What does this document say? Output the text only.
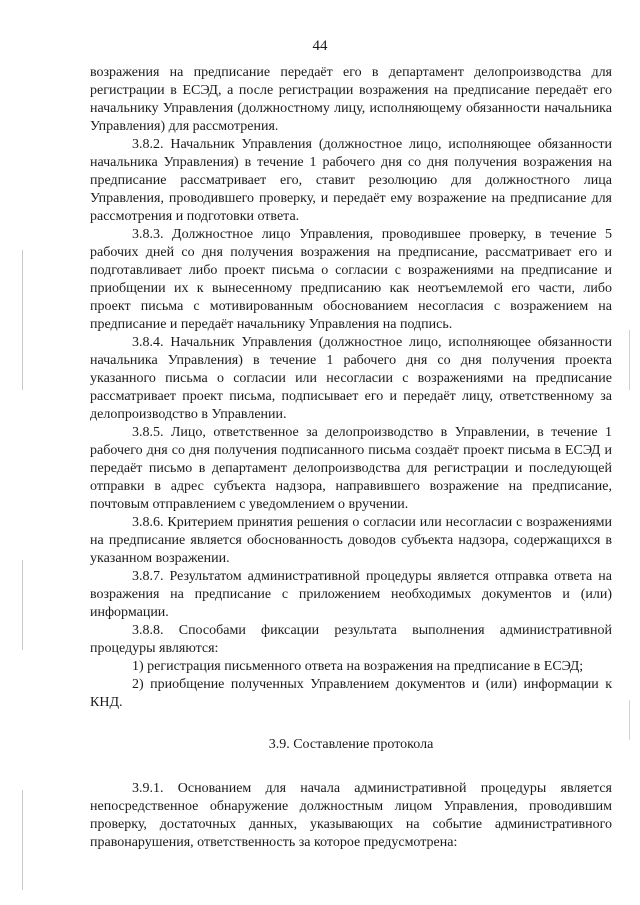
44

возражения на предписание передаёт его в департамент делопроизводства для регистрации в ЕСЭД, а после регистрации возражения на предписание передаёт его начальнику Управления (должностному лицу, исполняющему обязанности начальника Управления) для рассмотрения.

3.8.2. Начальник Управления (должностное лицо, исполняющее обязанности начальника Управления) в течение 1 рабочего дня со дня получения возражения на предписание рассматривает его, ставит резолюцию для должностного лица Управления, проводившего проверку, и передаёт ему возражение на предписание для рассмотрения и подготовки ответа.

3.8.3. Должностное лицо Управления, проводившее проверку, в течение 5 рабочих дней со дня получения возражения на предписание, рассматривает его и подготавливает либо проект письма о согласии с возражениями на предписание и приобщении их к вынесенному предписанию как неотъемлемой его части, либо проект письма с мотивированным обоснованием несогласия с возражением на предписание и передаёт начальнику Управления на подпись.

3.8.4. Начальник Управления (должностное лицо, исполняющее обязанности начальника Управления) в течение 1 рабочего дня со дня получения проекта указанного письма о согласии или несогласии с возражениями на предписание рассматривает проект письма, подписывает его и передаёт лицу, ответственному за делопроизводство в Управлении.

3.8.5. Лицо, ответственное за делопроизводство в Управлении, в течение 1 рабочего дня со дня получения подписанного письма создаёт проект письма в ЕСЭД и передаёт письмо в департамент делопроизводства для регистрации и последующей отправки в адрес субъекта надзора, направившего возражение на предписание, почтовым отправлением с уведомлением о вручении.

3.8.6. Критерием принятия решения о согласии или несогласии с возражениями на предписание является обоснованность доводов субъекта надзора, содержащихся в указанном возражении.

3.8.7. Результатом административной процедуры является отправка ответа на возражения на предписание с приложением необходимых документов и (или) информации.

3.8.8. Способами фиксации результата выполнения административной процедуры являются:

1) регистрация письменного ответа на возражения на предписание в ЕСЭД;

2) приобщение полученных Управлением документов и (или) информации к КНД.

3.9. Составление протокола

3.9.1. Основанием для начала административной процедуры является непосредственное обнаружение должностным лицом Управления, проводившим проверку, достаточных данных, указывающих на событие административного правонарушения, ответственность за которое предусмотрена:
